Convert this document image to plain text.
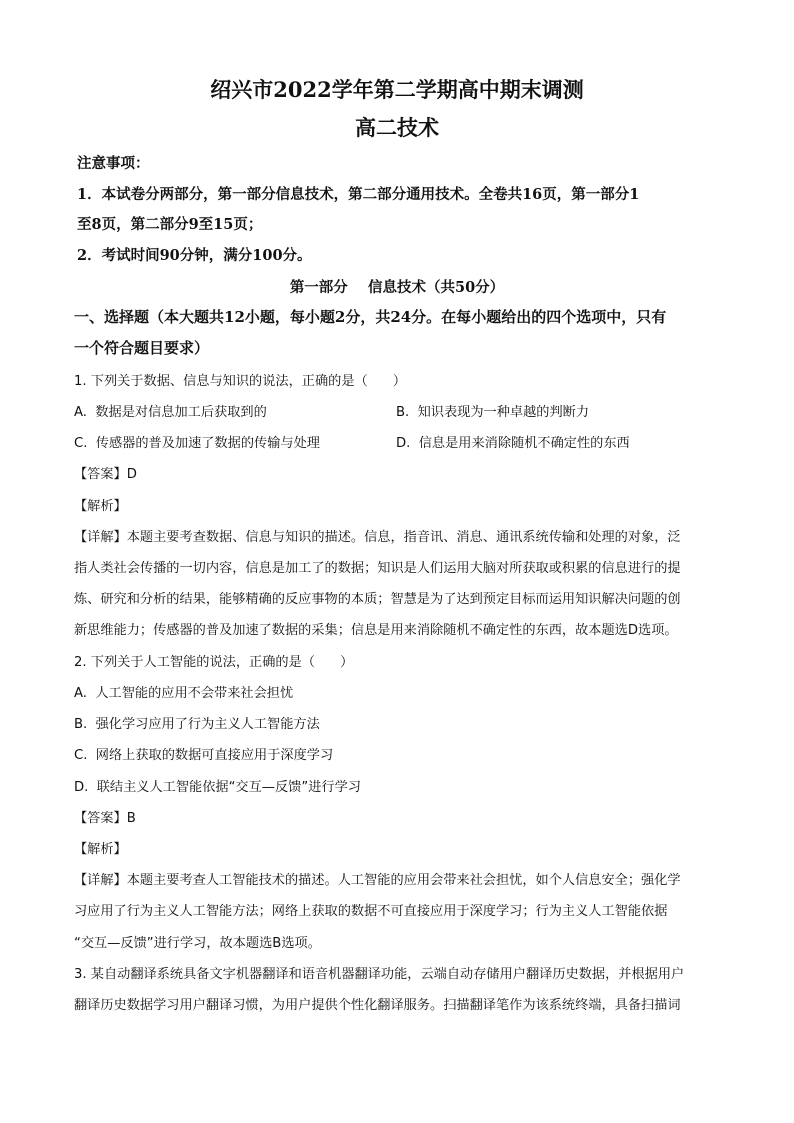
绍兴市2022学年第二学期高中期末调测
高二技术
注意事项：
1．本试卷分两部分，第一部分信息技术，第二部分通用技术。全卷共16页，第一部分1
至8页，第二部分9至15页；
2．考试时间90分钟，满分100分。
第一部分    信息技术（共50分）
一、选择题（本大题共12小题，每小题2分，共24分。在每小题给出的四个选项中，只有
一个符合题目要求）
1. 下列关于数据、信息与知识的说法，正确的是（      ）
A.  数据是对信息加工后获取到的	B.  知识表现为一种卓越的判断力
C.  传感器的普及加速了数据的传输与处理	D.  信息是用来消除随机不确定性的东西
【答案】D
【解析】
【详解】本题主要考查数据、信息与知识的描述。信息，指音讯、消息、通讯系统传输和处理的对象，泛
指人类社会传播的一切内容，信息是加工了的数据；知识是人们运用大脑对所获取或积累的信息进行的提
炼、研究和分析的结果，能够精确的反应事物的本质；智慧是为了达到预定目标而运用知识解决问题的创
新思维能力；传感器的普及加速了数据的采集；信息是用来消除随机不确定性的东西，故本题选D选项。
2. 下列关于人工智能的说法，正确的是（      ）
A.  人工智能的应用不会带来社会担忧
B.  强化学习应用了行为主义人工智能方法
C.  网络上获取的数据可直接应用于深度学习
D.  联结主义人工智能依据“交互—反馈”进行学习
【答案】B
【解析】
【详解】本题主要考查人工智能技术的描述。人工智能的应用会带来社会担忧，如个人信息安全；强化学
习应用了行为主义人工智能方法；网络上获取的数据不可直接应用于深度学习；行为主义人工智能依据
“交互—反馈”进行学习，故本题选B选项。
3. 某自动翻译系统具备文字机器翻译和语音机器翻译功能，云端自动存储用户翻译历史数据，并根据用户
翻译历史数据学习用户翻译习惯，为用户提供个性化翻译服务。扫描翻译笔作为该系统终端，具备扫描词
